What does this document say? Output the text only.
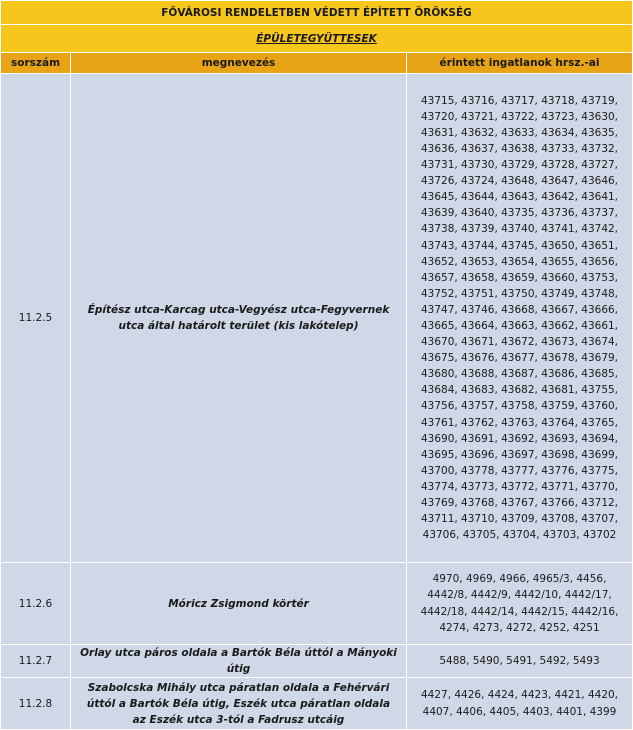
FŐVÁROSI RENDELETBEN VÉDETT ÉPÍTETT ÖRÖKSÉG		
ÉPÜLETEGYÜTTESEK		
sorszám	megnevezés	érintett ingatlanok hrsz.-ai
11.2.5	Építész utca-Karcag utca-Vegyész utca-Fegyvernek utca által határolt terület (kis lakótelep)	43715, 43716, 43717, 43718, 43719, 43720, 43721, 43722, 43723, 43630, 43631, 43632, 43633, 43634, 43635, 43636, 43637, 43638, 43733, 43732, 43731, 43730, 43729, 43728, 43727, 43726, 43724, 43648, 43647, 43646, 43645, 43644, 43643, 43642, 43641, 43639, 43640, 43735, 43736, 43737, 43738, 43739, 43740, 43741, 43742, 43743, 43744, 43745, 43650, 43651, 43652, 43653, 43654, 43655, 43656, 43657, 43658, 43659, 43660, 43753, 43752, 43751, 43750, 43749, 43748, 43747, 43746, 43668, 43667, 43666, 43665, 43664, 43663, 43662, 43661, 43670, 43671, 43672, 43673, 43674, 43675, 43676, 43677, 43678, 43679, 43680, 43688, 43687, 43686, 43685, 43684, 43683, 43682, 43681, 43755, 43756, 43757, 43758, 43759, 43760, 43761, 43762, 43763, 43764, 43765, 43690, 43691, 43692, 43693, 43694, 43695, 43696, 43697, 43698, 43699, 43700, 43778, 43777, 43776, 43775, 43774, 43773, 43772, 43771, 43770, 43769, 43768, 43767, 43766, 43712, 43711, 43710, 43709, 43708, 43707, 43706, 43705, 43704, 43703, 43702
11.2.6	Móricz Zsigmond körtér	4970, 4969, 4966, 4965/3, 4456, 4442/8, 4442/9, 4442/10, 4442/17, 4442/18, 4442/14, 4442/15, 4442/16, 4274, 4273, 4272, 4252, 4251
11.2.7	Orlay utca páros oldala a Bartók Béla úttól a Mányoki útig	5488, 5490, 5491, 5492, 5493
11.2.8	Szabolcska Mihály utca páratlan oldala a Fehérvári úttól a Bartók Béla útig, Eszék utca páratlan oldala az Eszék utca 3-tól a Fadrusz utcáig	4427, 4426, 4424, 4423, 4421, 4420, 4407, 4406, 4405, 4403, 4401, 4399
